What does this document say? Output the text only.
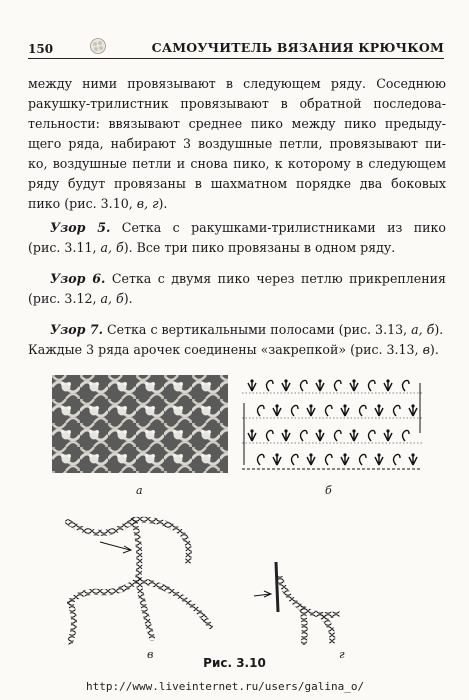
150	САМОУЧИТЕЛЬ ВЯЗАНИЯ КРЮЧКОМ
между ними провязывают в следующем ряду. Соседнюю
ракушку-трилистник провязывают в обратной последова-
тельности: ввязывают среднее пико между пико предыду-
щего ряда, набирают 3 воздушные петли, провязывают пи-
ко, воздушные петли и снова пико, к которому в следующем
ряду будут провязаны в шахматном порядке два боковых
пико (рис. 3.10, в, г).
Узор 5. Сетка с ракушками-трилистниками из пико
(рис. 3.11, а, б). Все три пико провязаны в одном ряду.
Узор 6. Сетка с двумя пико через петлю прикрепления
(рис. 3.12, а, б).
Узор 7. Сетка с вертикальными полосами (рис. 3.13, а, б).
Каждые 3 ряда арочек соединены «закрепкой» (рис. 3.13, в).
а	б
в	г
Рис. 3.10
http://www.liveinternet.ru/users/galina_o/
